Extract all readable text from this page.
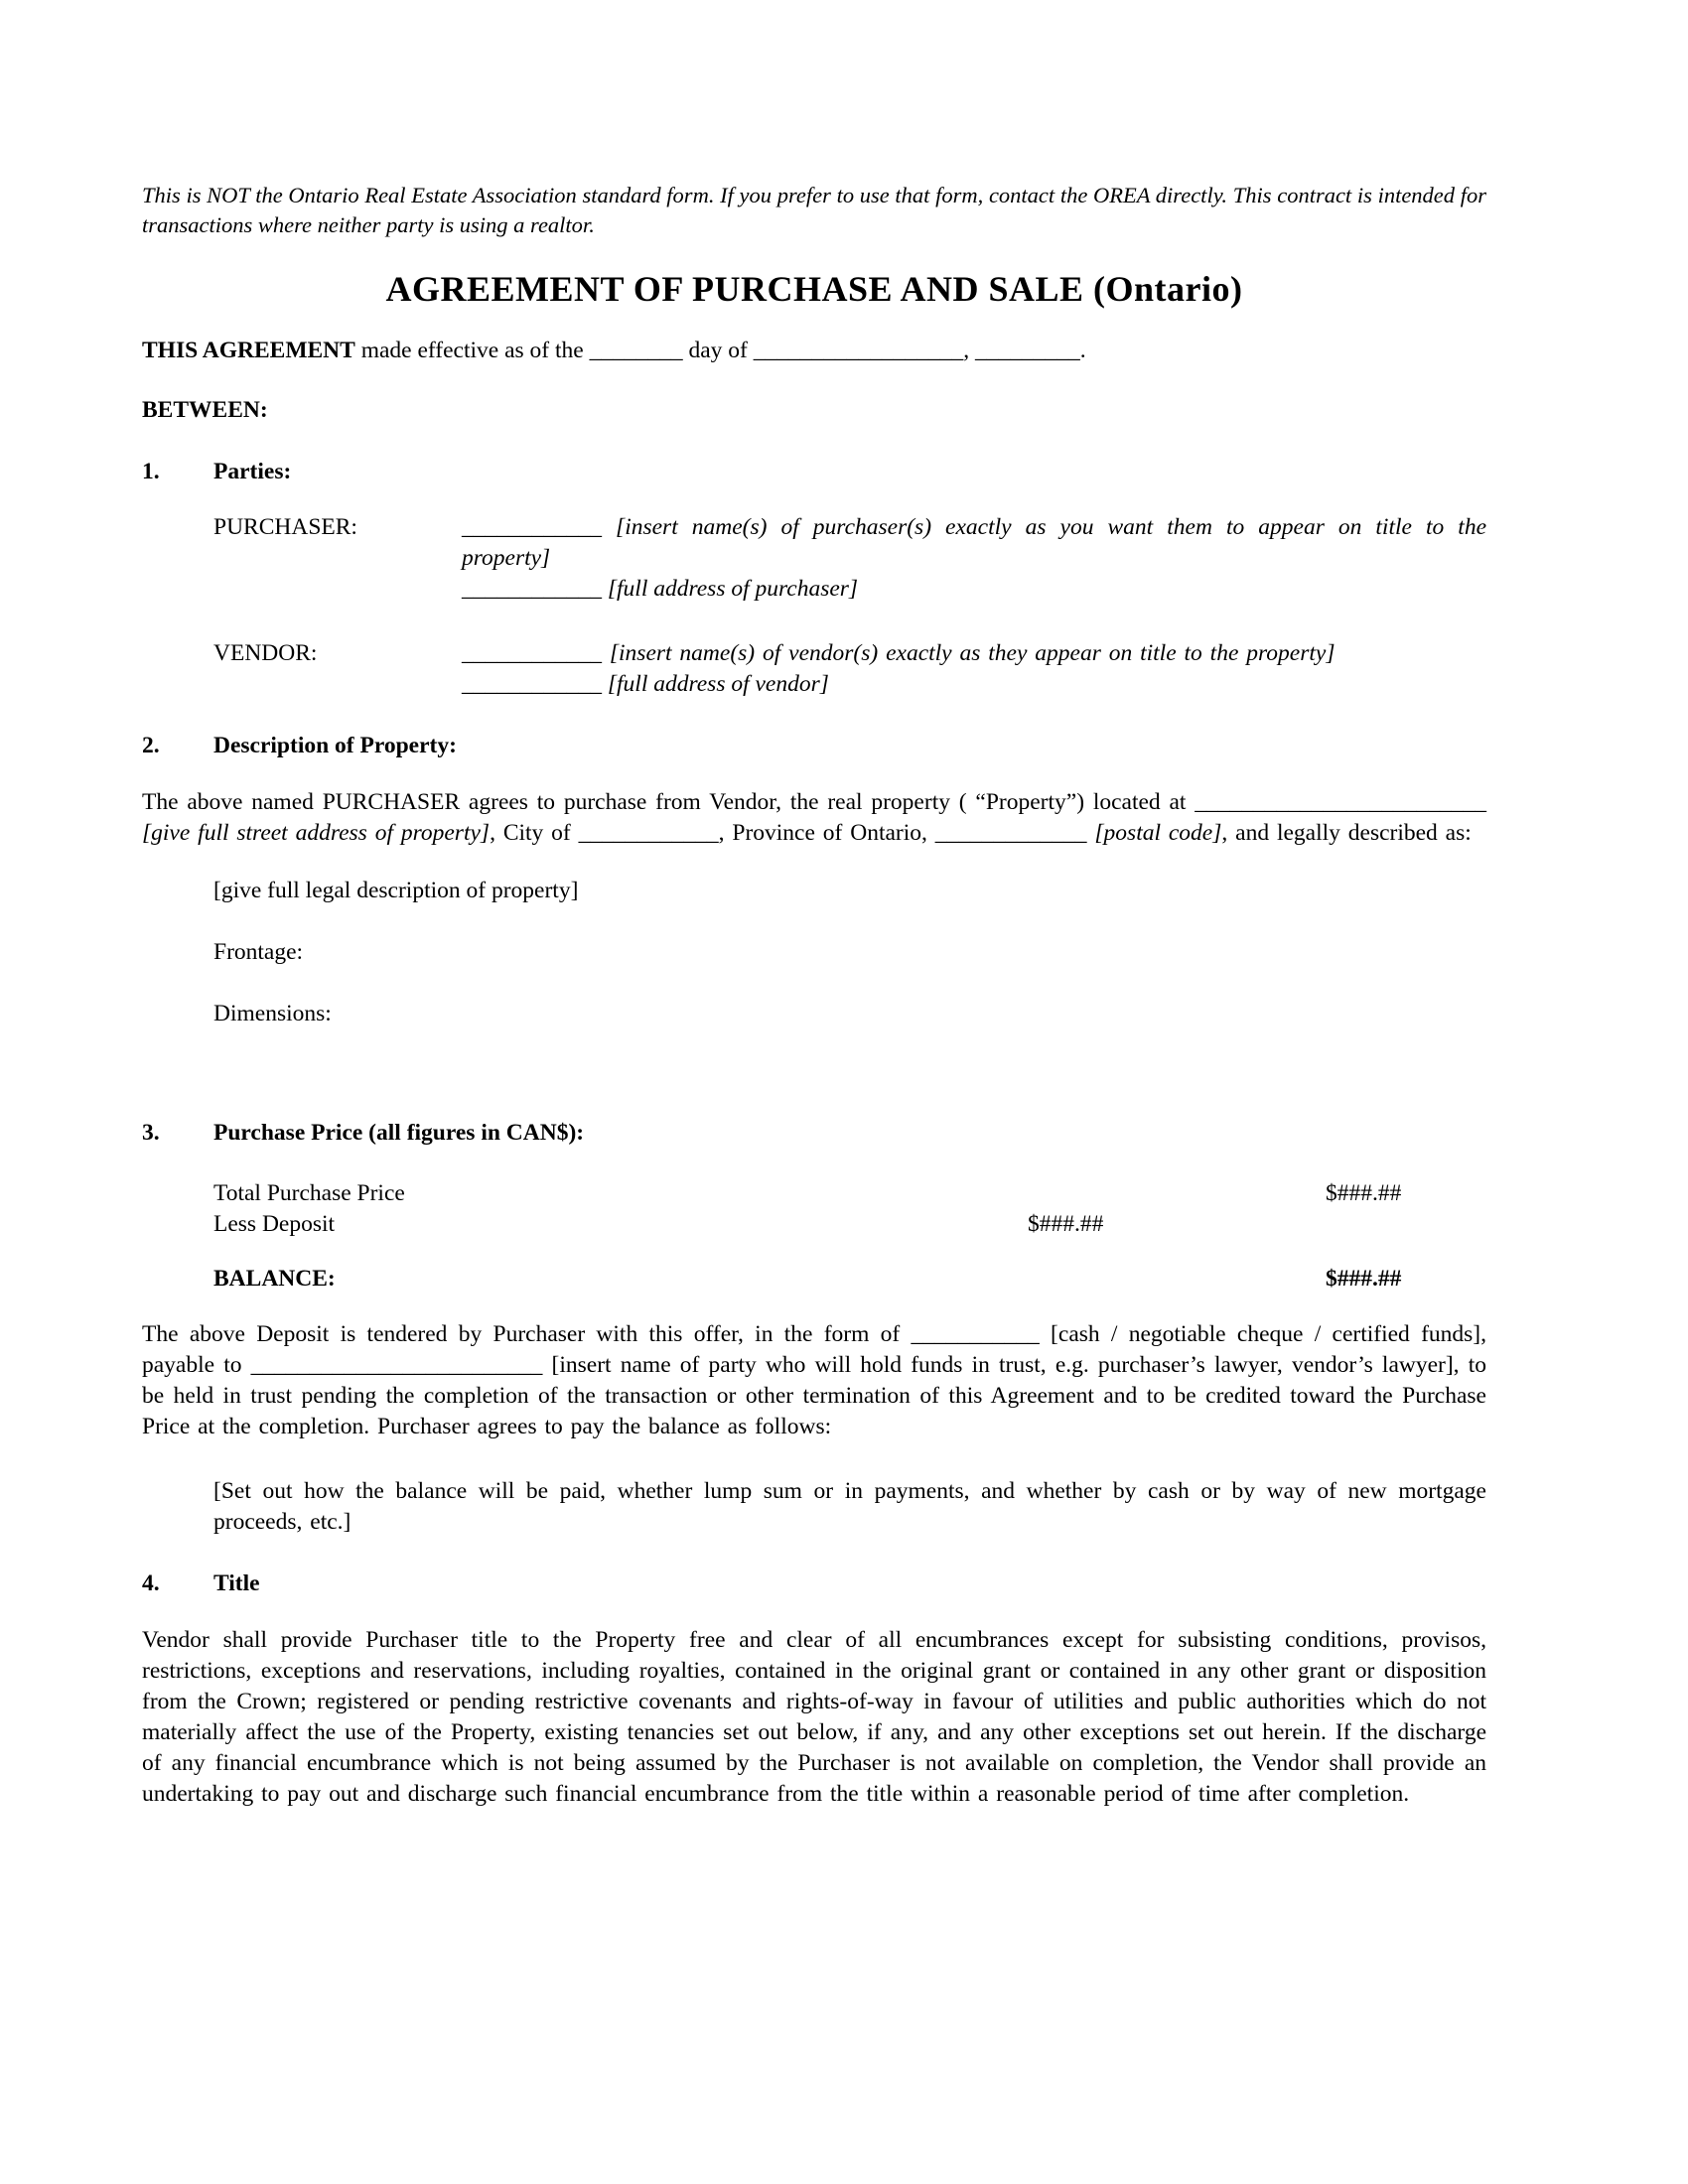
This is NOT the Ontario Real Estate Association standard form. If you prefer to use that form, contact the OREA directly. This contract is intended for transactions where neither party is using a realtor.
AGREEMENT OF PURCHASE AND SALE (Ontario)
THIS AGREEMENT made effective as of the ________ day of __________________, _________.
BETWEEN:
1.	Parties:
PURCHASER:	____________ [insert name(s) of purchaser(s) exactly as you want them to appear on title to the property]
____________ [full address of purchaser]
VENDOR:	____________ [insert name(s) of vendor(s) exactly as they appear on title to the property]
____________ [full address of vendor]
2.	Description of Property:
The above named PURCHASER agrees to purchase from Vendor, the real property ( “Property”) located at _________________________ [give full street address of property], City of ____________, Province of Ontario, _____________ [postal code], and legally described as:
[give full legal description of property]
Frontage:
Dimensions:
3.	Purchase Price (all figures in CAN$):
Total Purchase Price	$###.##
Less Deposit	$###.##
BALANCE:	$###.##
The above Deposit is tendered by Purchaser with this offer, in the form of ___________ [cash / negotiable cheque / certified funds], payable to _________________________ [insert name of party who will hold funds in trust, e.g. purchaser’s lawyer, vendor’s lawyer], to be held in trust pending the completion of the transaction or other termination of this Agreement and to be credited toward the Purchase Price at the completion. Purchaser agrees to pay the balance as follows:
[Set out how the balance will be paid, whether lump sum or in payments, and whether by cash or by way of new mortgage proceeds, etc.]
4.	Title
Vendor shall provide Purchaser title to the Property free and clear of all encumbrances except for subsisting conditions, provisos, restrictions, exceptions and reservations, including royalties, contained in the original grant or contained in any other grant or disposition from the Crown; registered or pending restrictive covenants and rights-of-way in favour of utilities and public authorities which do not materially affect the use of the Property, existing tenancies set out below, if any, and any other exceptions set out herein. If the discharge of any financial encumbrance which is not being assumed by the Purchaser is not available on completion, the Vendor shall provide an undertaking to pay out and discharge such financial encumbrance from the title within a reasonable period of time after completion.
